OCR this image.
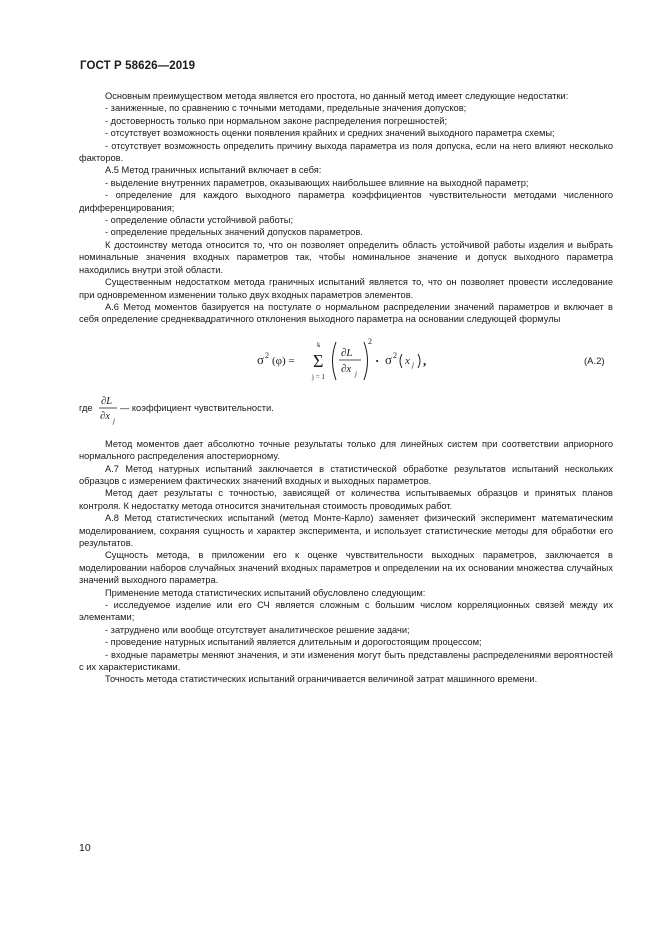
ГОСТ Р 58626—2019

Основным преимуществом метода является его простота, но данный метод имеет следующие недостатки:

- заниженные, по сравнению с точными методами, предельные значения допусков;

- достоверность только при нормальном законе распределения погрешностей;

- отсутствует возможность оценки появления крайних и средних значений выходного параметра схемы;

- отсутствует возможность определить причину выхода параметра из поля допуска, если на него влияют несколько факторов.

А.5 Метод граничных испытаний включает в себя:

- выделение внутренних параметров, оказывающих наибольшее влияние на выходной параметр;

- определение для каждого выходного параметра коэффициентов чувствительности методами численного дифференцирования;

- определение области устойчивой работы;

- определение предельных значений допусков параметров.

К достоинству метода относится то, что он позволяет определить область устойчивой работы изделия и выбрать номинальные значения входных параметров так, чтобы номинальное значение и допуск выходного параметра находились внутри этой области.

Существенным недостатком метода граничных испытаний является то, что он позволяет провести исследование при одновременном изменении только двух входных параметров элементов.

А.6 Метод моментов базируется на постулате о нормальном распределении значений параметров и включает в себя определение среднеквадратичного отклонения выходного параметра на основании следующей формулы

σ 2 (φ) =
k
Σ
j = 1
∂L
∂x j
2
· σ 2 x j ,	(А.2)
где
∂L
∂x j
— коэффициент чувствительности.

Метод моментов дает абсолютно точные результаты только для линейных систем при соответствии априорного нормального распределения апостериорному.

А.7 Метод натурных испытаний заключается в статистической обработке результатов испытаний нескольких образцов с измерением фактических значений входных и выходных параметров.

Метод дает результаты с точностью, зависящей от количества испытываемых образцов и принятых планов контроля. К недостатку метода относится значительная стоимость проводимых работ.

А.8 Метод статистических испытаний (метод Монте-Карло) заменяет физический эксперимент математическим моделированием, сохраняя сущность и характер эксперимента, и использует статистические методы для обработки его результатов.

Сущность метода, в приложении его к оценке чувствительности выходных параметров, заключается в моделировании наборов случайных значений входных параметров и определении на их основании множества случайных значений выходного параметра.

Применение метода статистических испытаний обусловлено следующим:

- исследуемое изделие или его СЧ является сложным с большим числом корреляционных связей между их элементами;

- затруднено или вообще отсутствует аналитическое решение задачи;

- проведение натурных испытаний является длительным и дорогостоящим процессом;

- входные параметры меняют значения, и эти изменения могут быть представлены распределениями вероятностей с их характеристиками.

Точность метода статистических испытаний ограничивается величиной затрат машинного времени.

10
